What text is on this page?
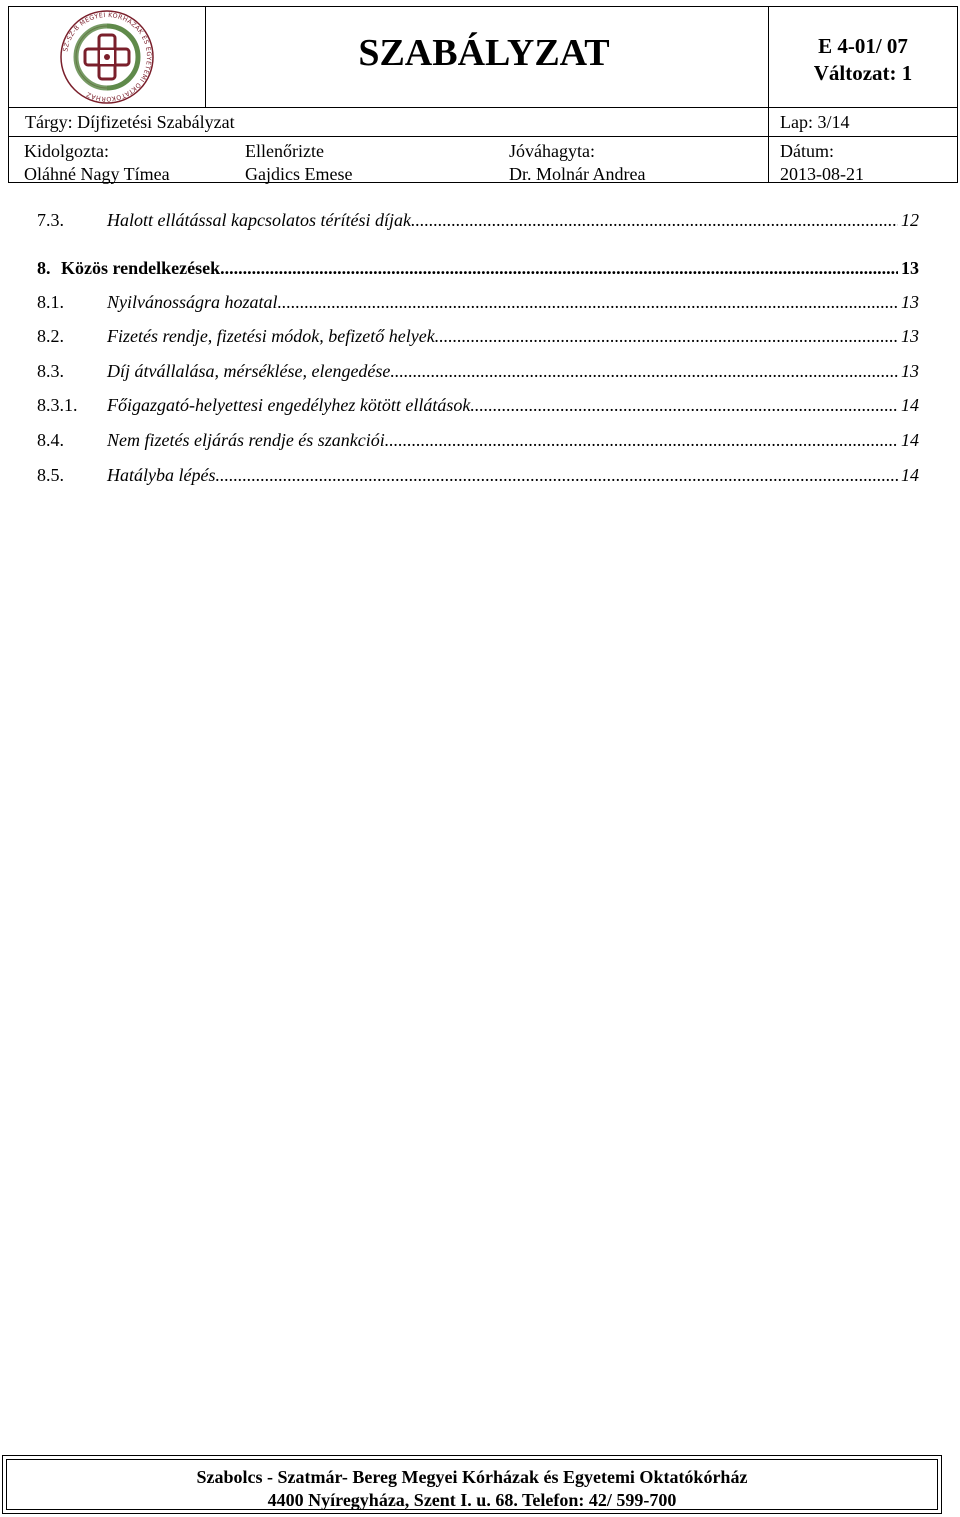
SZ-SZ-B MEGYEI KÓRHÁZAK ÉS EGYETEMI OKTATÓKÓRHÁZ
SZABÁLYZAT	E 4-01/ 07
Változat: 1
Tárgy: Díjfizetési Szabályzat	Lap: 3/14
Kidolgozta:
Oláhné Nagy Tímea
Ellenőrizte
Gajdics Emese
Jóváhagyta:
Dr. Molnár Andrea
Dátum:
2013-08-21
7.3.	Halott ellátással kapcsolatos térítési díjak .....	12
8. Közös rendelkezések .....	13
8.1.	Nyilvánosságra hozatal .....	13
8.2.	Fizetés rendje, fizetési módok, befizető helyek .....	13
8.3.	Díj átvállalása, mérséklése, elengedése .....	13
8.3.1.	Főigazgató-helyettesi engedélyhez kötött ellátások .....	14
8.4.	Nem fizetés eljárás rendje és szankciói .....	14
8.5.	Hatályba lépés .....	14
Szabolcs - Szatmár- Bereg Megyei Kórházak és Egyetemi Oktatókórház
4400 Nyíregyháza, Szent I. u. 68. Telefon: 42/ 599-700
